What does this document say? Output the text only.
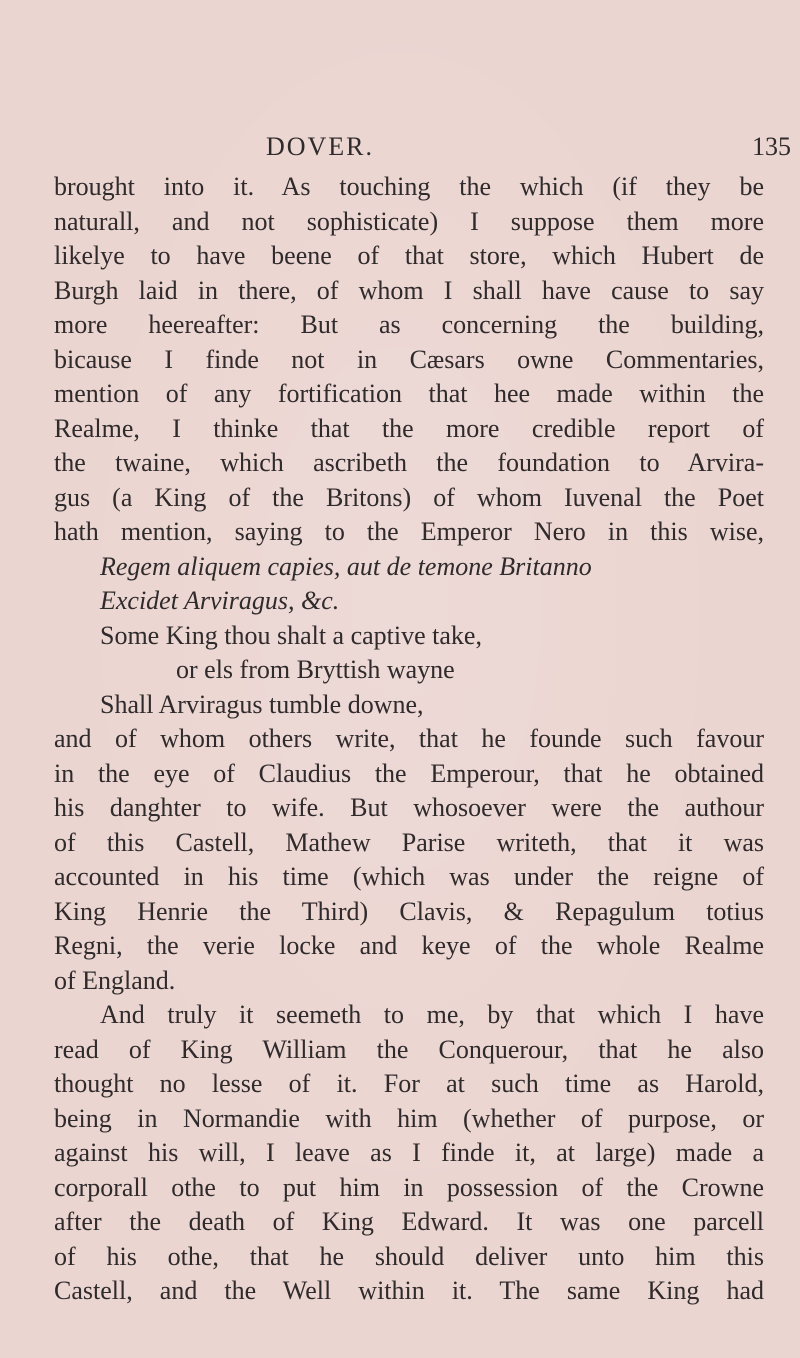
DOVER.	135
brought into it. As touching the which (if they be
naturall, and not sophisticate) I suppose them more
likelye to have beene of that store, which Hubert de
Burgh laid in there, of whom I shall have cause to say
more heereafter: But as concerning the building,
bicause I finde not in Cæsars owne Commentaries,
mention of any fortification that hee made within the
Realme, I thinke that the more credible report of
the twaine, which ascribeth the foundation to Arvira-
gus (a King of the Britons) of whom Iuvenal the Poet
hath mention, saying to the Emperor Nero in this wise,
Regem aliquem capies, aut de temone Britanno
Excidet Arviragus, &c.
Some King thou shalt a captive take,
or els from Bryttish wayne
Shall Arviragus tumble downe,
and of whom others write, that he founde such favour
in the eye of Claudius the Emperour, that he obtained
his danghter to wife. But whosoever were the authour
of this Castell, Mathew Parise writeth, that it was
accounted in his time (which was under the reigne of
King Henrie the Third) Clavis, & Repagulum totius
Regni, the verie locke and keye of the whole Realme
of England.
And truly it seemeth to me, by that which I have
read of King William the Conquerour, that he also
thought no lesse of it. For at such time as Harold,
being in Normandie with him (whether of purpose, or
against his will, I leave as I finde it, at large) made a
corporall othe to put him in possession of the Crowne
after the death of King Edward. It was one parcell
of his othe, that he should deliver unto him this
Castell, and the Well within it. The same King had
